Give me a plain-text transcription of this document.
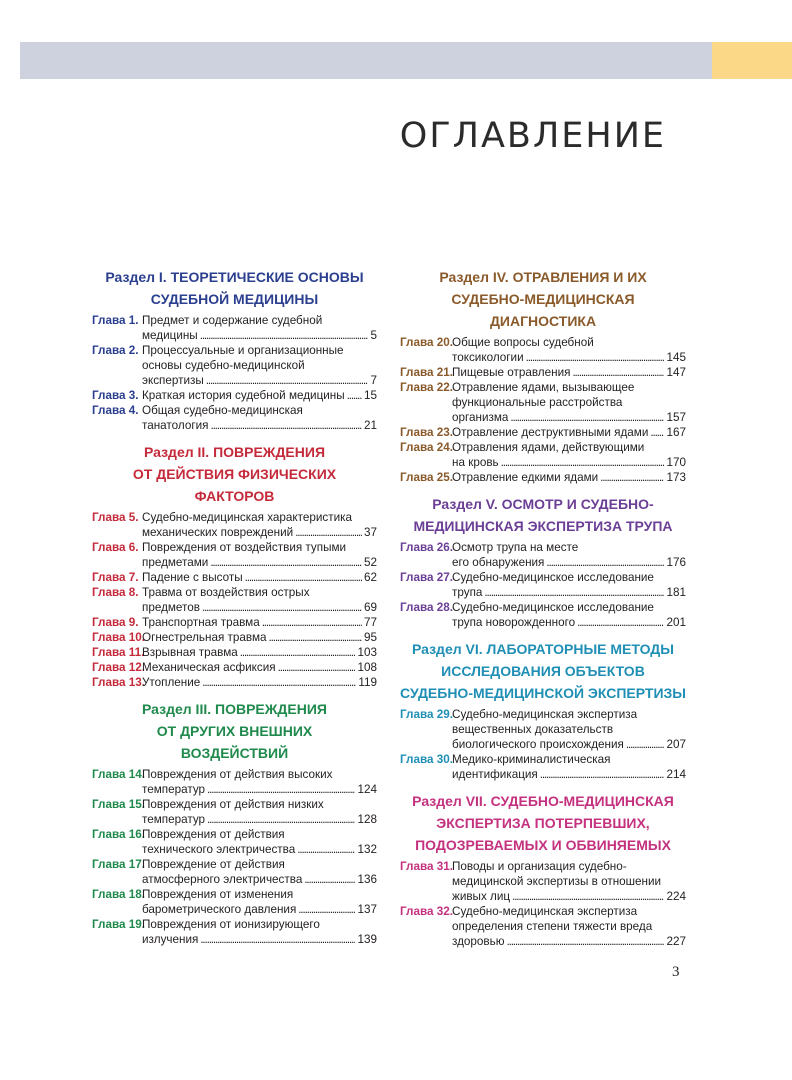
ОГЛАВЛЕНИЕ
Раздел I. ТЕОРЕТИЧЕСКИЕ ОСНОВЫ
СУДЕБНОЙ МЕДИЦИНЫ
Глава 1. Предмет и содержание судебной
медицины . . .	5
Глава 2. Процессуальные и организационные
основы судебно-медицинской
экспертизы . . .	7
Глава 3. Краткая история судебной медицины . . . 15
Глава 4. Общая судебно-медицинская
танатология . . .	21
Раздел II. ПОВРЕЖДЕНИЯ
ОТ ДЕЙСТВИЯ ФИЗИЧЕСКИХ ФАКТОРОВ
Глава 5. Судебно-медицинская характеристика
механических повреждений . . .	37
Глава 6. Повреждения от воздействия тупыми
предметами . . .	52
Глава 7. Падение с высоты . . .	62
Глава 8. Травма от воздействия острых
предметов . . .	69
Глава 9. Транспортная травма . . .	77
Глава 10.
Огнестрельная травма . . .	95
Глава 11.
Взрывная травма . . .	103
Глава 12.
Механическая асфиксия . . .	108
Глава 13.
Утопление . . .	119
Раздел III. ПОВРЕЖДЕНИЯ
ОТ ДРУГИХ ВНЕШНИХ
ВОЗДЕЙСТВИЙ
Глава 14.
Повреждения от действия высоких
температур . . .	124
Глава 15.
Повреждения от действия низких
температур . . .	128
Глава 16.
Повреждения от действия
технического электричества . . .	132
Глава 17.
Повреждение от действия
атмосферного электричества . . .	136
Глава 18.
Повреждения от изменения
барометрического давления . . .	137
Глава 19.
Повреждения от ионизирующего
излучения . . .	139
Раздел IV. ОТРАВЛЕНИЯ И ИХ
СУДЕБНО-МЕДИЦИНСКАЯ ДИАГНОСТИКА
Глава 20. Общие вопросы судебной
токсикологии . . .	145
Глава 21. Пищевые отравления . . .	147
Глава 22. Отравление ядами, вызывающее
функциональные расстройства
организма . . .	157
Глава 23. Отравление деструктивными ядами . . . 167
Глава 24. Отравления ядами, действующими
на кровь . . .	170
Глава 25. Отравление едкими ядами . . .	173
Раздел V. ОСМОТР И СУДЕБНО-
МЕДИЦИНСКАЯ ЭКСПЕРТИЗА ТРУПА
Глава 26. Осмотр трупа на месте
его обнаружения . . .	176
Глава 27. Судебно-медицинское исследование
трупа . . .	181
Глава 28. Судебно-медицинское исследование
трупа новорожденного . . .	201
Раздел VI. ЛАБОРАТОРНЫЕ МЕТОДЫ
ИССЛЕДОВАНИЯ ОБЪЕКТОВ
СУДЕБНО-МЕДИЦИНСКОЙ ЭКСПЕРТИЗЫ
Глава 29. Судебно-медицинская экспертиза
вещественных доказательств
биологического происхождения . . .	207
Глава 30. Медико-криминалистическая
идентификация . . .	214
Раздел VII. СУДЕБНО-МЕДИЦИНСКАЯ
ЭКСПЕРТИЗА ПОТЕРПЕВШИХ,
ПОДОЗРЕВАЕМЫХ И ОБВИНЯЕМЫХ
Глава 31. Поводы и организация судебно-
медицинской экспертизы в отношении
живых лиц . . .	224
Глава 32. Судебно-медицинская экспертиза
определения степени тяжести вреда
здоровью . . .	227
3
